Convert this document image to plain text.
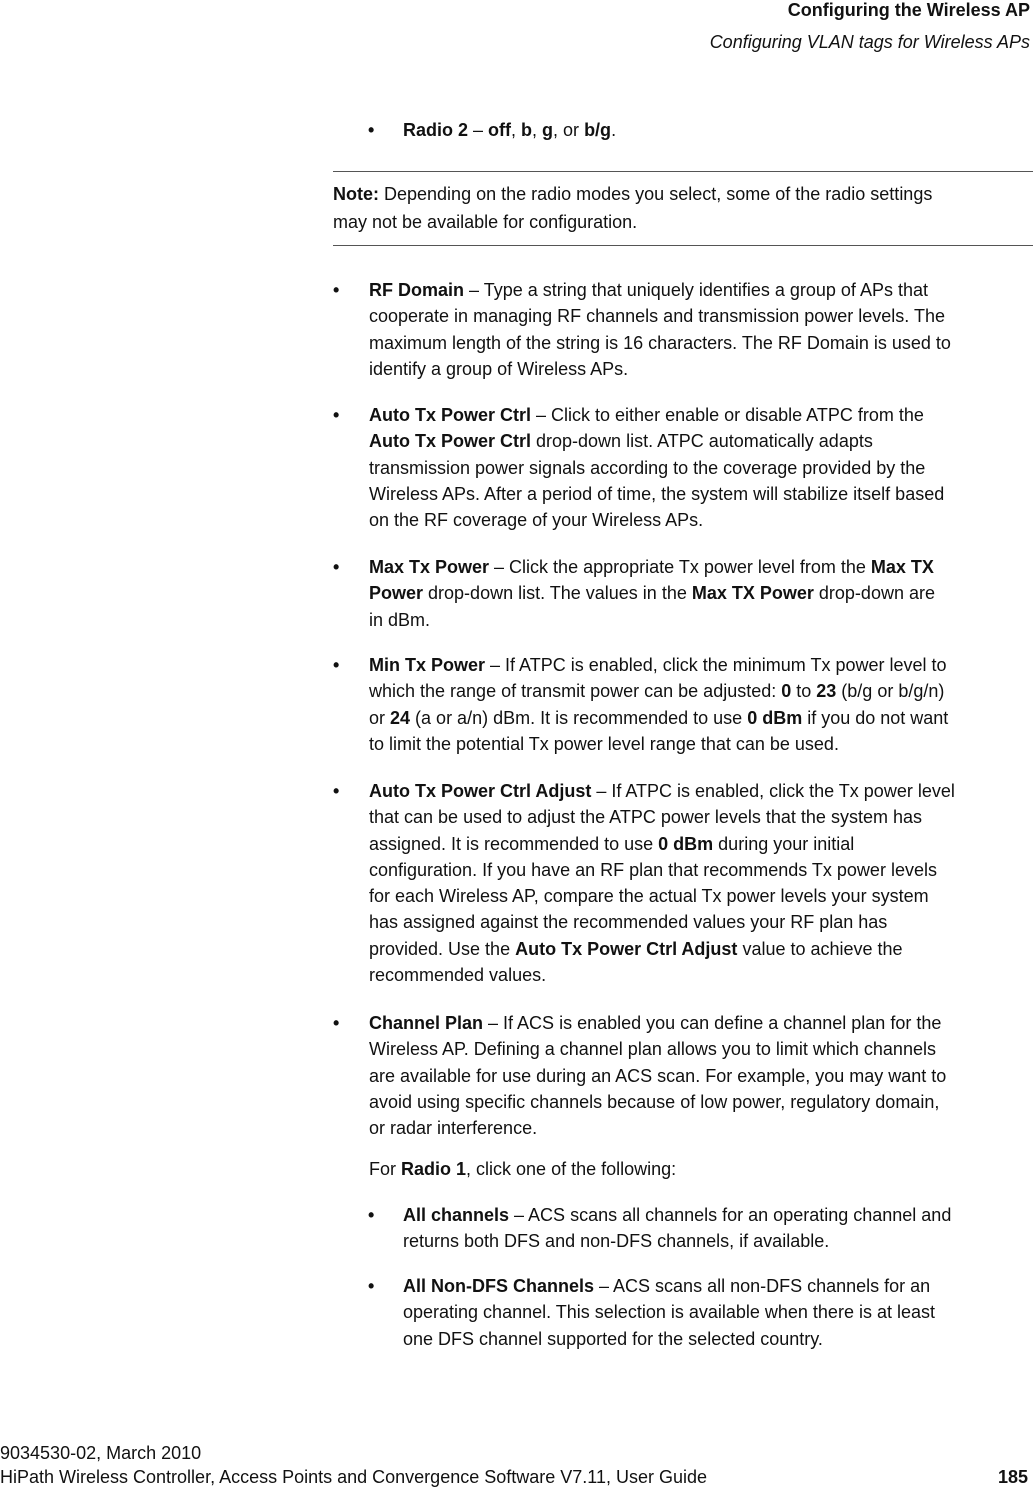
Configuring the Wireless AP
Configuring VLAN tags for Wireless APs
•
Radio 2 – off, b, g, or b/g.
Note: Depending on the radio modes you select, some of the radio settings
may not be available for configuration.
•
RF Domain – Type a string that uniquely identifies a group of APs that
cooperate in managing RF channels and transmission power levels. The
maximum length of the string is 16 characters. The RF Domain is used to
identify a group of Wireless APs.
•
Auto Tx Power Ctrl – Click to either enable or disable ATPC from the
Auto Tx Power Ctrl drop-down list. ATPC automatically adapts
transmission power signals according to the coverage provided by the
Wireless APs. After a period of time, the system will stabilize itself based
on the RF coverage of your Wireless APs.
•
Max Tx Power – Click the appropriate Tx power level from the Max TX
Power drop-down list. The values in the Max TX Power drop-down are
in dBm.
•
Min Tx Power – If ATPC is enabled, click the minimum Tx power level to
which the range of transmit power can be adjusted: 0 to 23 (b/g or b/g/n)
or 24 (a or a/n) dBm. It is recommended to use 0 dBm if you do not want
to limit the potential Tx power level range that can be used.
•
Auto Tx Power Ctrl Adjust – If ATPC is enabled, click the Tx power level
that can be used to adjust the ATPC power levels that the system has
assigned. It is recommended to use 0 dBm during your initial
configuration. If you have an RF plan that recommends Tx power levels
for each Wireless AP, compare the actual Tx power levels your system
has assigned against the recommended values your RF plan has
provided. Use the Auto Tx Power Ctrl Adjust value to achieve the
recommended values.
•
Channel Plan – If ACS is enabled you can define a channel plan for the
Wireless AP. Defining a channel plan allows you to limit which channels
are available for use during an ACS scan. For example, you may want to
avoid using specific channels because of low power, regulatory domain,
or radar interference.
For Radio 1, click one of the following:
•
All channels – ACS scans all channels for an operating channel and
returns both DFS and non-DFS channels, if available.
•
All Non-DFS Channels – ACS scans all non-DFS channels for an
operating channel. This selection is available when there is at least
one DFS channel supported for the selected country.
9034530-02, March 2010
HiPath Wireless Controller, Access Points and Convergence Software V7.11, User Guide	185
